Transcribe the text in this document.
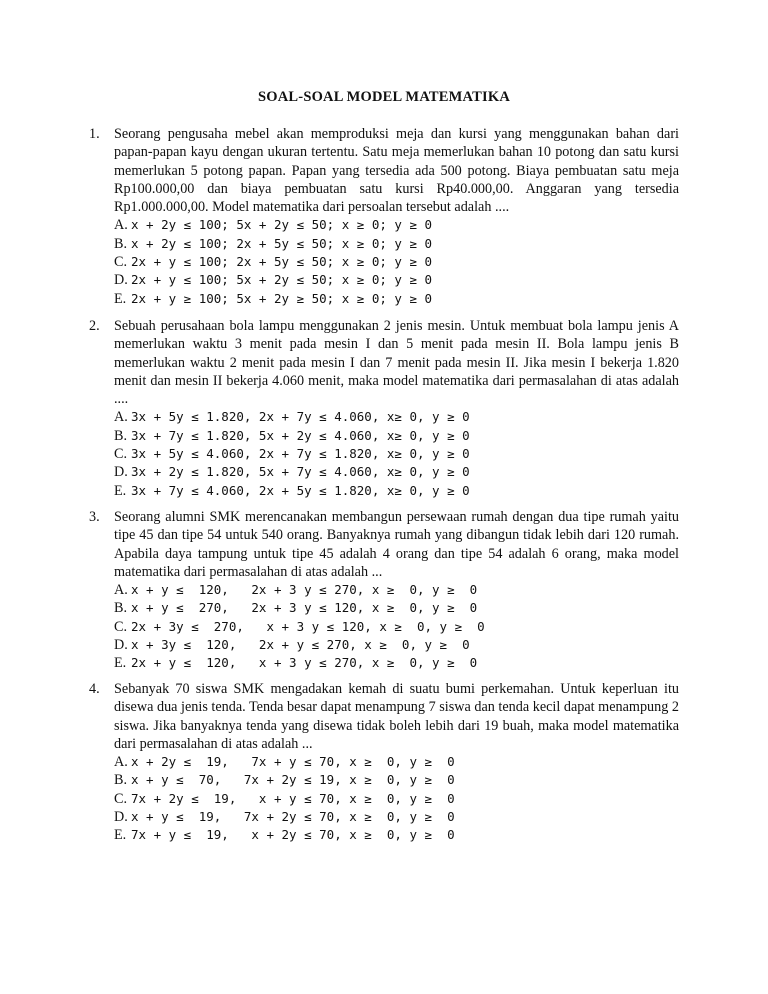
SOAL-SOAL MODEL MATEMATIKA
1. Seorang pengusaha mebel akan memproduksi meja dan kursi yang menggunakan bahan dari papan-papan kayu dengan ukuran tertentu. Satu meja memerlukan bahan 10 potong dan satu kursi memerlukan 5 potong papan. Papan yang tersedia ada 500 potong. Biaya pembuatan satu meja Rp100.000,00 dan biaya pembuatan satu kursi Rp40.000,00. Anggaran yang tersedia Rp1.000.000,00. Model matematika dari persoalan tersebut adalah ....
A. x + 2y ≤ 100; 5x + 2y ≤ 50; x ≥ 0; y ≥ 0
B. x + 2y ≤ 100; 2x + 5y ≤ 50; x ≥ 0; y ≥ 0
C. 2x + y ≤ 100; 2x + 5y ≤ 50; x ≥ 0; y ≥ 0
D. 2x + y ≤ 100; 5x + 2y ≤ 50; x ≥ 0; y ≥ 0
E. 2x + y ≥ 100; 5x + 2y ≥ 50; x ≥ 0; y ≥ 0
2. Sebuah perusahaan bola lampu menggunakan 2 jenis mesin. Untuk membuat bola lampu jenis A memerlukan waktu 3 menit pada mesin I dan 5 menit pada mesin II. Bola lampu jenis B memerlukan waktu 2 menit pada mesin I dan 7 menit pada mesin II. Jika mesin I bekerja 1.820 menit dan mesin II bekerja 4.060 menit, maka model matematika dari permasalahan di atas adalah ....
A. 3x + 5y ≤ 1.820, 2x + 7y ≤ 4.060, x≥ 0, y ≥ 0
B. 3x + 7y ≤ 1.820, 5x + 2y ≤ 4.060, x≥ 0, y ≥ 0
C. 3x + 5y ≤ 4.060, 2x + 7y ≤ 1.820, x≥ 0, y ≥ 0
D. 3x + 2y ≤ 1.820, 5x + 7y ≤ 4.060, x≥ 0, y ≥ 0
E. 3x + 7y ≤ 4.060, 2x + 5y ≤ 1.820, x≥ 0, y ≥ 0
3. Seorang alumni SMK merencanakan membangun persewaan rumah dengan dua tipe rumah yaitu tipe 45 dan tipe 54 untuk 540 orang. Banyaknya rumah yang dibangun tidak lebih dari 120 rumah. Apabila daya tampung untuk tipe 45 adalah 4 orang dan tipe 54 adalah 6 orang, maka model matematika dari permasalahan di atas adalah ...
A. x + y ≤  120,   2x + 3 y ≤ 270, x ≥  0, y ≥  0
B. x + y ≤  270,   2x + 3 y ≤ 120, x ≥  0, y ≥  0
C. 2x + 3y ≤  270,   x + 3 y ≤ 120, x ≥  0, y ≥  0
D. x + 3y ≤  120,   2x + y ≤ 270, x ≥  0, y ≥  0
E. 2x + y ≤  120,   x + 3 y ≤ 270, x ≥  0, y ≥  0
4. Sebanyak 70 siswa SMK mengadakan kemah di suatu bumi perkemahan. Untuk keperluan itu disewa dua jenis tenda. Tenda besar dapat menampung 7 siswa dan tenda kecil dapat menampung 2 siswa. Jika banyaknya tenda yang disewa tidak boleh lebih dari 19 buah, maka model matematika dari permasalahan di atas adalah ...
A. x + 2y ≤  19,   7x + y ≤ 70, x ≥  0, y ≥  0
B. x + y ≤  70,   7x + 2y ≤ 19, x ≥  0, y ≥  0
C. 7x + 2y ≤  19,   x + y ≤ 70, x ≥  0, y ≥  0
D. x + y ≤  19,   7x + 2y ≤ 70, x ≥  0, y ≥  0
E. 7x + y ≤  19,   x + 2y ≤ 70, x ≥  0, y ≥  0
